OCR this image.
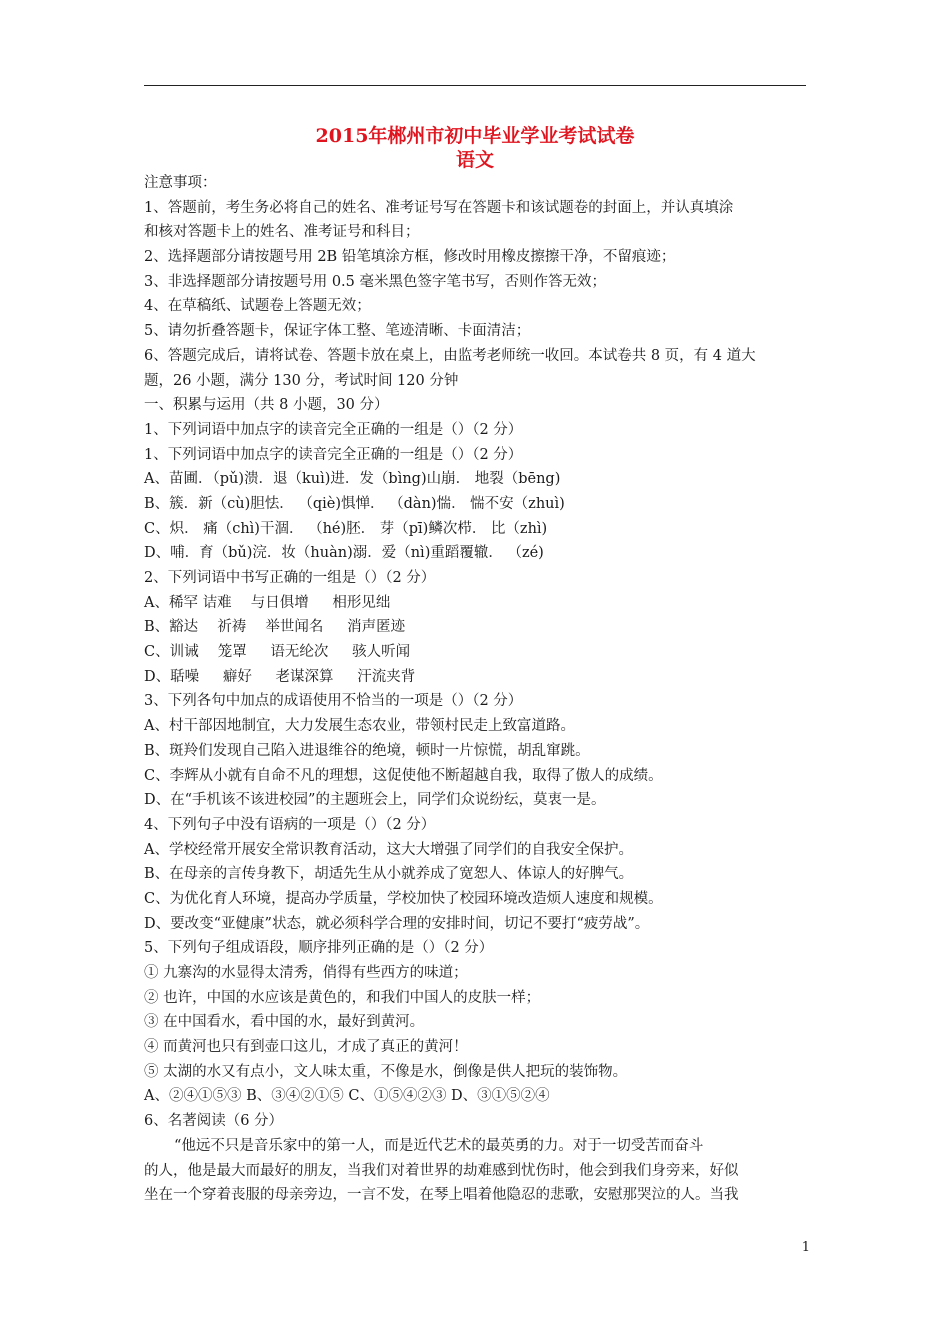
2015年郴州市初中毕业学业考试试卷
语文
注意事项：
1、答题前，考生务必将自己的姓名、准考证号写在答题卡和该试题卷的封面上，并认真填涂
和核对答题卡上的姓名、准考证号和科目；
2、选择题部分请按题号用 2B 铅笔填涂方框，修改时用橡皮擦擦干净，不留痕迹；
3、非选择题部分请按题号用 0.5 毫米黑色签字笔书写，否则作答无效；
4、在草稿纸、试题卷上答题无效；
5、请勿折叠答题卡，保证字体工整、笔迹清晰、卡面清洁；
6、答题完成后，请将试卷、答题卡放在桌上，由监考老师统一收回。本试卷共 8 页，有 4 道大
题，26 小题，满分 130 分，考试时间 120 分钟
一、积累与运用（共 8 小题，30 分）
1、下列词语中加点字的读音完全正确的一组是（）（2 分）
1、下列词语中加点字的读音完全正确的一组是（）（2 分）
A、苗圃．（pǔ)溃．退（kuì)进．发（bìng)山崩． 地裂（bēng)
B、簇．新（cù)胆怯． （qiè)惧惮． （dàn)惴． 惴不安（zhuì)
C、炽． 痛（chì)干涸． （hé)胚． 芽（pī)鳞次栉． 比（zhì)
D、哺．育（bǔ)浣．妆（huàn)溺．爱（nì)重蹈覆辙． （zé)
2、下列词语中书写正确的一组是（）（2 分）
A、稀罕 诘难 　与日俱增 　 相形见绌
B、豁达 　祈祷 　举世闻名 　 消声匿迹
C、训诫 　笼罩 　 语无纶次 　 骇人听闻
D、聒噪 　 癖好 　 老谋深算 　 汗流夹背
3、下列各句中加点的成语使用不恰当的一项是（）（2 分）
A、村干部因地制宜，大力发展生态农业，带领村民走上致富道路。
B、斑羚们发现自己陷入进退维谷的绝境，顿时一片惊慌，胡乱窜跳。
C、李辉从小就有自命不凡的理想，这促使他不断超越自我，取得了傲人的成绩。
D、在“手机该不该进校园”的主题班会上，同学们众说纷纭，莫衷一是。
4、下列句子中没有语病的一项是（）（2 分）
A、学校经常开展安全常识教育活动，这大大增强了同学们的自我安全保护。
B、在母亲的言传身教下，胡适先生从小就养成了宽恕人、体谅人的好脾气。
C、为优化育人环境，提高办学质量，学校加快了校园环境改造烦人速度和规模。
D、要改变“亚健康”状态，就必须科学合理的安排时间，切记不要打“疲劳战”。
5、下列句子组成语段，顺序排列正确的是（）（2 分）
① 九寨沟的水显得太清秀，俏得有些西方的味道；
② 也许，中国的水应该是黄色的，和我们中国人的皮肤一样；
③ 在中国看水，看中国的水，最好到黄河。
④ 而黄河也只有到壶口这儿，才成了真正的黄河！
⑤ 太湖的水又有点小，文人味太重，不像是水，倒像是供人把玩的装饰物。
A、②④①⑤③ B、③④②①⑤ C、①⑤④②③ D、③①⑤②④
6、名著阅读（6 分）
“他远不只是音乐家中的第一人，而是近代艺术的最英勇的力。对于一切受苦而奋斗
的人，他是最大而最好的朋友，当我们对着世界的劫难感到忧伤时，他会到我们身旁来，好似
坐在一个穿着丧服的母亲旁边，一言不发，在琴上唱着他隐忍的悲歌，安慰那哭泣的人。当我
1
